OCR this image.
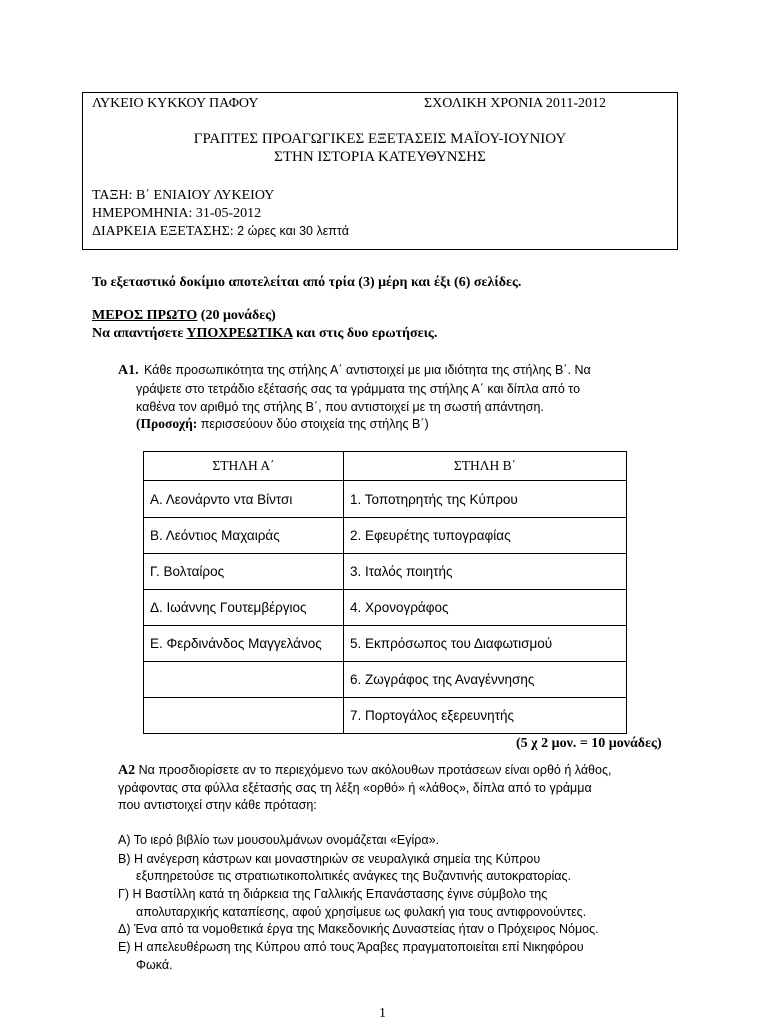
ΛΥΚΕΙΟ ΚΥΚΚΟΥ ΠΑΦΟΥ	ΣΧΟΛΙΚΗ ΧΡΟΝΙΑ 2011-2012
ΓΡΑΠΤΕΣ ΠΡΟΑΓΩΓΙΚΕΣ ΕΞΕΤΑΣΕΙΣ ΜΑΪΟΥ-ΙΟΥΝΙΟΥ
ΣΤΗΝ ΙΣΤΟΡΙΑ ΚΑΤΕΥΘΥΝΣΗΣ
ΤΑΞΗ: Β΄ ΕΝΙΑΙΟΥ ΛΥΚΕΙΟΥ
ΗΜΕΡΟΜΗΝΙΑ: 31-05-2012
ΔΙΑΡΚΕΙΑ ΕΞΕΤΑΣΗΣ: 2 ώρες και 30 λεπτά
Το εξεταστικό δοκίμιο αποτελείται από τρία (3) μέρη και έξι (6) σελίδες.
ΜΕΡΟΣ ΠΡΩΤΟ (20 μονάδες)
Να απαντήσετε ΥΠΟΧΡΕΩΤΙΚΑ και στις δυο ερωτήσεις.
Α1. Κάθε προσωπικότητα της στήλης Α΄ αντιστοιχεί με μια ιδιότητα της στήλης Β΄. Να
γράψετε στο τετράδιο εξέτασής σας τα γράμματα της στήλης Α΄ και δίπλα από το
καθένα τον αριθμό της στήλης Β΄, που αντιστοιχεί με τη σωστή απάντηση.
(Προσοχή: περισσεύουν δύο στοιχεία της στήλης Β΄)
ΣΤΗΛΗ Α΄	ΣΤΗΛΗ Β΄
Α. Λεονάρντο ντα Βίντσι	1. Τοποτηρητής της Κύπρου
Β. Λεόντιος Μαχαιράς	2. Εφευρέτης τυπογραφίας
Γ. Βολταίρος	3. Ιταλός ποιητής
Δ. Ιωάννης Γουτεμβέργιος	4. Χρονογράφος
Ε. Φερδινάνδος Μαγγελάνος	5. Εκπρόσωπος του Διαφωτισμού
	6. Ζωγράφος της Αναγέννησης
	7. Πορτογάλος εξερευνητής
(5 χ 2 μον. = 10 μονάδες)
Α2 Να προσδιορίσετε αν το περιεχόμενο των ακόλουθων προτάσεων είναι ορθό ή λάθος,
γράφοντας στα φύλλα εξέτασής σας τη λέξη «ορθό» ή «λάθος», δίπλα από το γράμμα
που αντιστοιχεί στην κάθε πρόταση:
Α) Το ιερό βιβλίο των μουσουλμάνων ονομάζεται «Εγίρα».
Β) Η ανέγερση κάστρων και μοναστηριών σε νευραλγικά σημεία της Κύπρου
εξυπηρετούσε τις στρατιωτικοπολιτικές ανάγκες της Βυζαντινής αυτοκρατορίας.
Γ) Η Βαστίλλη κατά τη διάρκεια της Γαλλικής Επανάστασης έγινε σύμβολο της
απολυταρχικής καταπίεσης, αφού χρησίμευε ως φυλακή για τους αντιφρονούντες.
Δ) Ένα από τα νομοθετικά έργα της Μακεδονικής Δυναστείας ήταν ο Πρόχειρος Νόμος.
Ε) Η απελευθέρωση της Κύπρου από τους Άραβες πραγματοποιείται επί Νικηφόρου
Φωκά.
1
